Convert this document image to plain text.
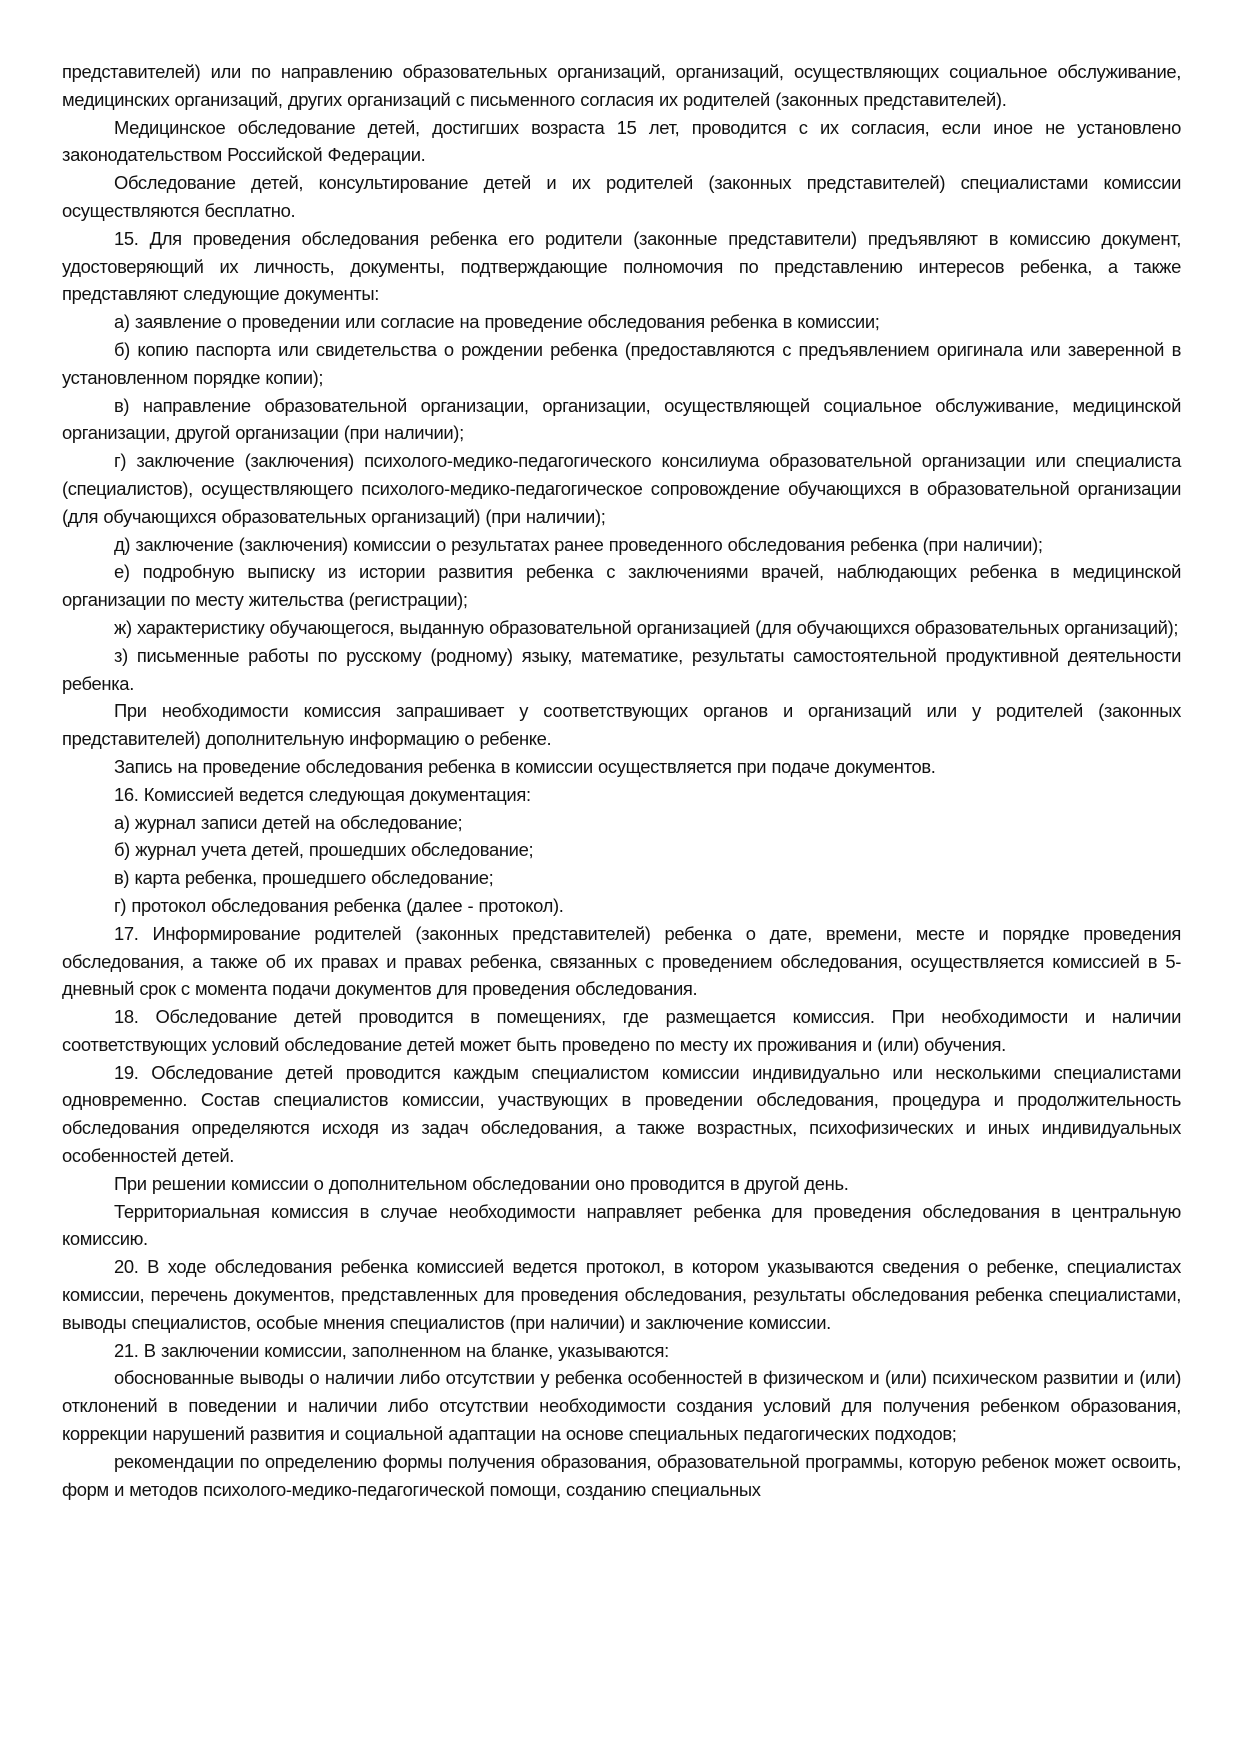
представителей) или по направлению образовательных организаций, организаций, осуществляющих социальное обслуживание, медицинских организаций, других организаций с письменного согласия их родителей (законных представителей).

Медицинское обследование детей, достигших возраста 15 лет, проводится с их согласия, если иное не установлено законодательством Российской Федерации.

Обследование детей, консультирование детей и их родителей (законных представителей) специалистами комиссии осуществляются бесплатно.

15. Для проведения обследования ребенка его родители (законные представители) предъявляют в комиссию документ, удостоверяющий их личность, документы, подтверждающие полномочия по представлению интересов ребенка, а также представляют следующие документы:

а) заявление о проведении или согласие на проведение обследования ребенка в комиссии;

б) копию паспорта или свидетельства о рождении ребенка (предоставляются с предъявлением оригинала или заверенной в установленном порядке копии);

в) направление образовательной организации, организации, осуществляющей социальное обслуживание, медицинской организации, другой организации (при наличии);

г) заключение (заключения) психолого-медико-педагогического консилиума образовательной организации или специалиста (специалистов), осуществляющего психолого-медико-педагогическое сопровождение обучающихся в образовательной организации (для обучающихся образовательных организаций) (при наличии);

д) заключение (заключения) комиссии о результатах ранее проведенного обследования ребенка (при наличии);

е) подробную выписку из истории развития ребенка с заключениями врачей, наблюдающих ребенка в медицинской организации по месту жительства (регистрации);

ж) характеристику обучающегося, выданную образовательной организацией (для обучающихся образовательных организаций);

з) письменные работы по русскому (родному) языку, математике, результаты самостоятельной продуктивной деятельности ребенка.

При необходимости комиссия запрашивает у соответствующих органов и организаций или у родителей (законных представителей) дополнительную информацию о ребенке.

Запись на проведение обследования ребенка в комиссии осуществляется при подаче документов.

16. Комиссией ведется следующая документация:

а) журнал записи детей на обследование;

б) журнал учета детей, прошедших обследование;

в) карта ребенка, прошедшего обследование;

г) протокол обследования ребенка (далее - протокол).

17. Информирование родителей (законных представителей) ребенка о дате, времени, месте и порядке проведения обследования, а также об их правах и правах ребенка, связанных с проведением обследования, осуществляется комиссией в 5-дневный срок с момента подачи документов для проведения обследования.

18. Обследование детей проводится в помещениях, где размещается комиссия. При необходимости и наличии соответствующих условий обследование детей может быть проведено по месту их проживания и (или) обучения.

19. Обследование детей проводится каждым специалистом комиссии индивидуально или несколькими специалистами одновременно. Состав специалистов комиссии, участвующих в проведении обследования, процедура и продолжительность обследования определяются исходя из задач обследования, а также возрастных, психофизических и иных индивидуальных особенностей детей.

При решении комиссии о дополнительном обследовании оно проводится в другой день.

Территориальная комиссия в случае необходимости направляет ребенка для проведения обследования в центральную комиссию.

20. В ходе обследования ребенка комиссией ведется протокол, в котором указываются сведения о ребенке, специалистах комиссии, перечень документов, представленных для проведения обследования, результаты обследования ребенка специалистами, выводы специалистов, особые мнения специалистов (при наличии) и заключение комиссии.

21. В заключении комиссии, заполненном на бланке, указываются:

обоснованные выводы о наличии либо отсутствии у ребенка особенностей в физическом и (или) психическом развитии и (или) отклонений в поведении и наличии либо отсутствии необходимости создания условий для получения ребенком образования, коррекции нарушений развития и социальной адаптации на основе специальных педагогических подходов;

рекомендации по определению формы получения образования, образовательной программы, которую ребенок может освоить, форм и методов психолого-медико-педагогической помощи, созданию специальных
